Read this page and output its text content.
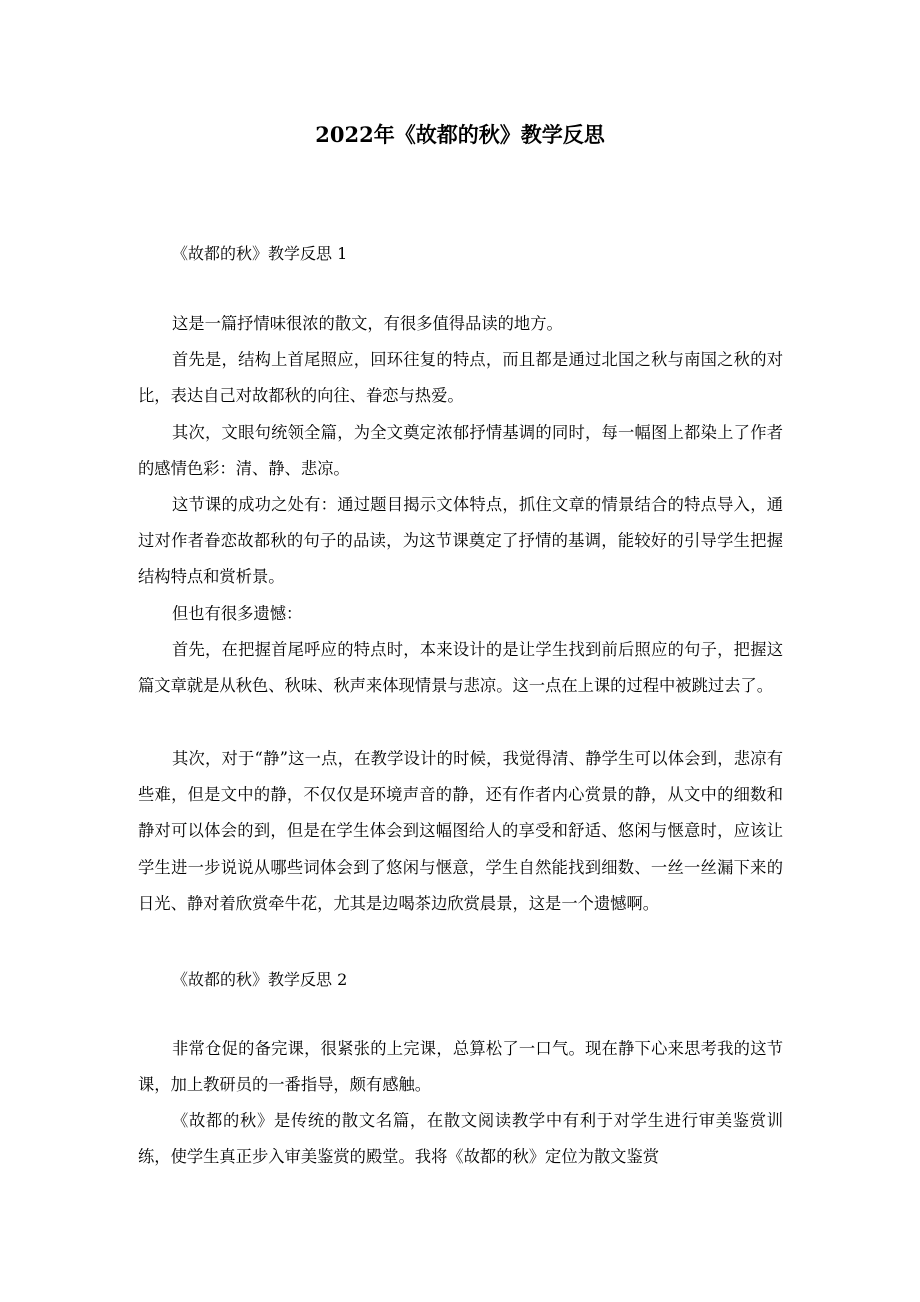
2022年《故都的秋》教学反思
《故都的秋》教学反思 1

这是一篇抒情味很浓的散文，有很多值得品读的地方。

首先是，结构上首尾照应，回环往复的特点，而且都是通过北国之秋与南国之秋的对比，表达自己对故都秋的向往、眷恋与热爱。

其次，文眼句统领全篇，为全文奠定浓郁抒情基调的同时，每一幅图上都染上了作者的感情色彩：清、静、悲凉。

这节课的成功之处有：通过题目揭示文体特点，抓住文章的情景结合的特点导入，通过对作者眷恋故都秋的句子的品读，为这节课奠定了抒情的基调，能较好的引导学生把握结构特点和赏析景。

但也有很多遗憾：

首先，在把握首尾呼应的特点时，本来设计的是让学生找到前后照应的句子，把握这篇文章就是从秋色、秋味、秋声来体现情景与悲凉。这一点在上课的过程中被跳过去了。

其次，对于“静”这一点，在教学设计的时候，我觉得清、静学生可以体会到，悲凉有些难，但是文中的静，不仅仅是环境声音的静，还有作者内心赏景的静，从文中的细数和静对可以体会的到，但是在学生体会到这幅图给人的享受和舒适、悠闲与惬意时，应该让学生进一步说说从哪些词体会到了悠闲与惬意，学生自然能找到细数、一丝一丝漏下来的日光、静对着欣赏牵牛花，尤其是边喝茶边欣赏晨景，这是一个遗憾啊。

《故都的秋》教学反思 2

非常仓促的备完课，很紧张的上完课，总算松了一口气。现在静下心来思考我的这节课，加上教研员的一番指导，颇有感触。

《故都的秋》是传统的散文名篇，在散文阅读教学中有利于对学生进行审美鉴赏训练，使学生真正步入审美鉴赏的殿堂。我将《故都的秋》定位为散文鉴赏
